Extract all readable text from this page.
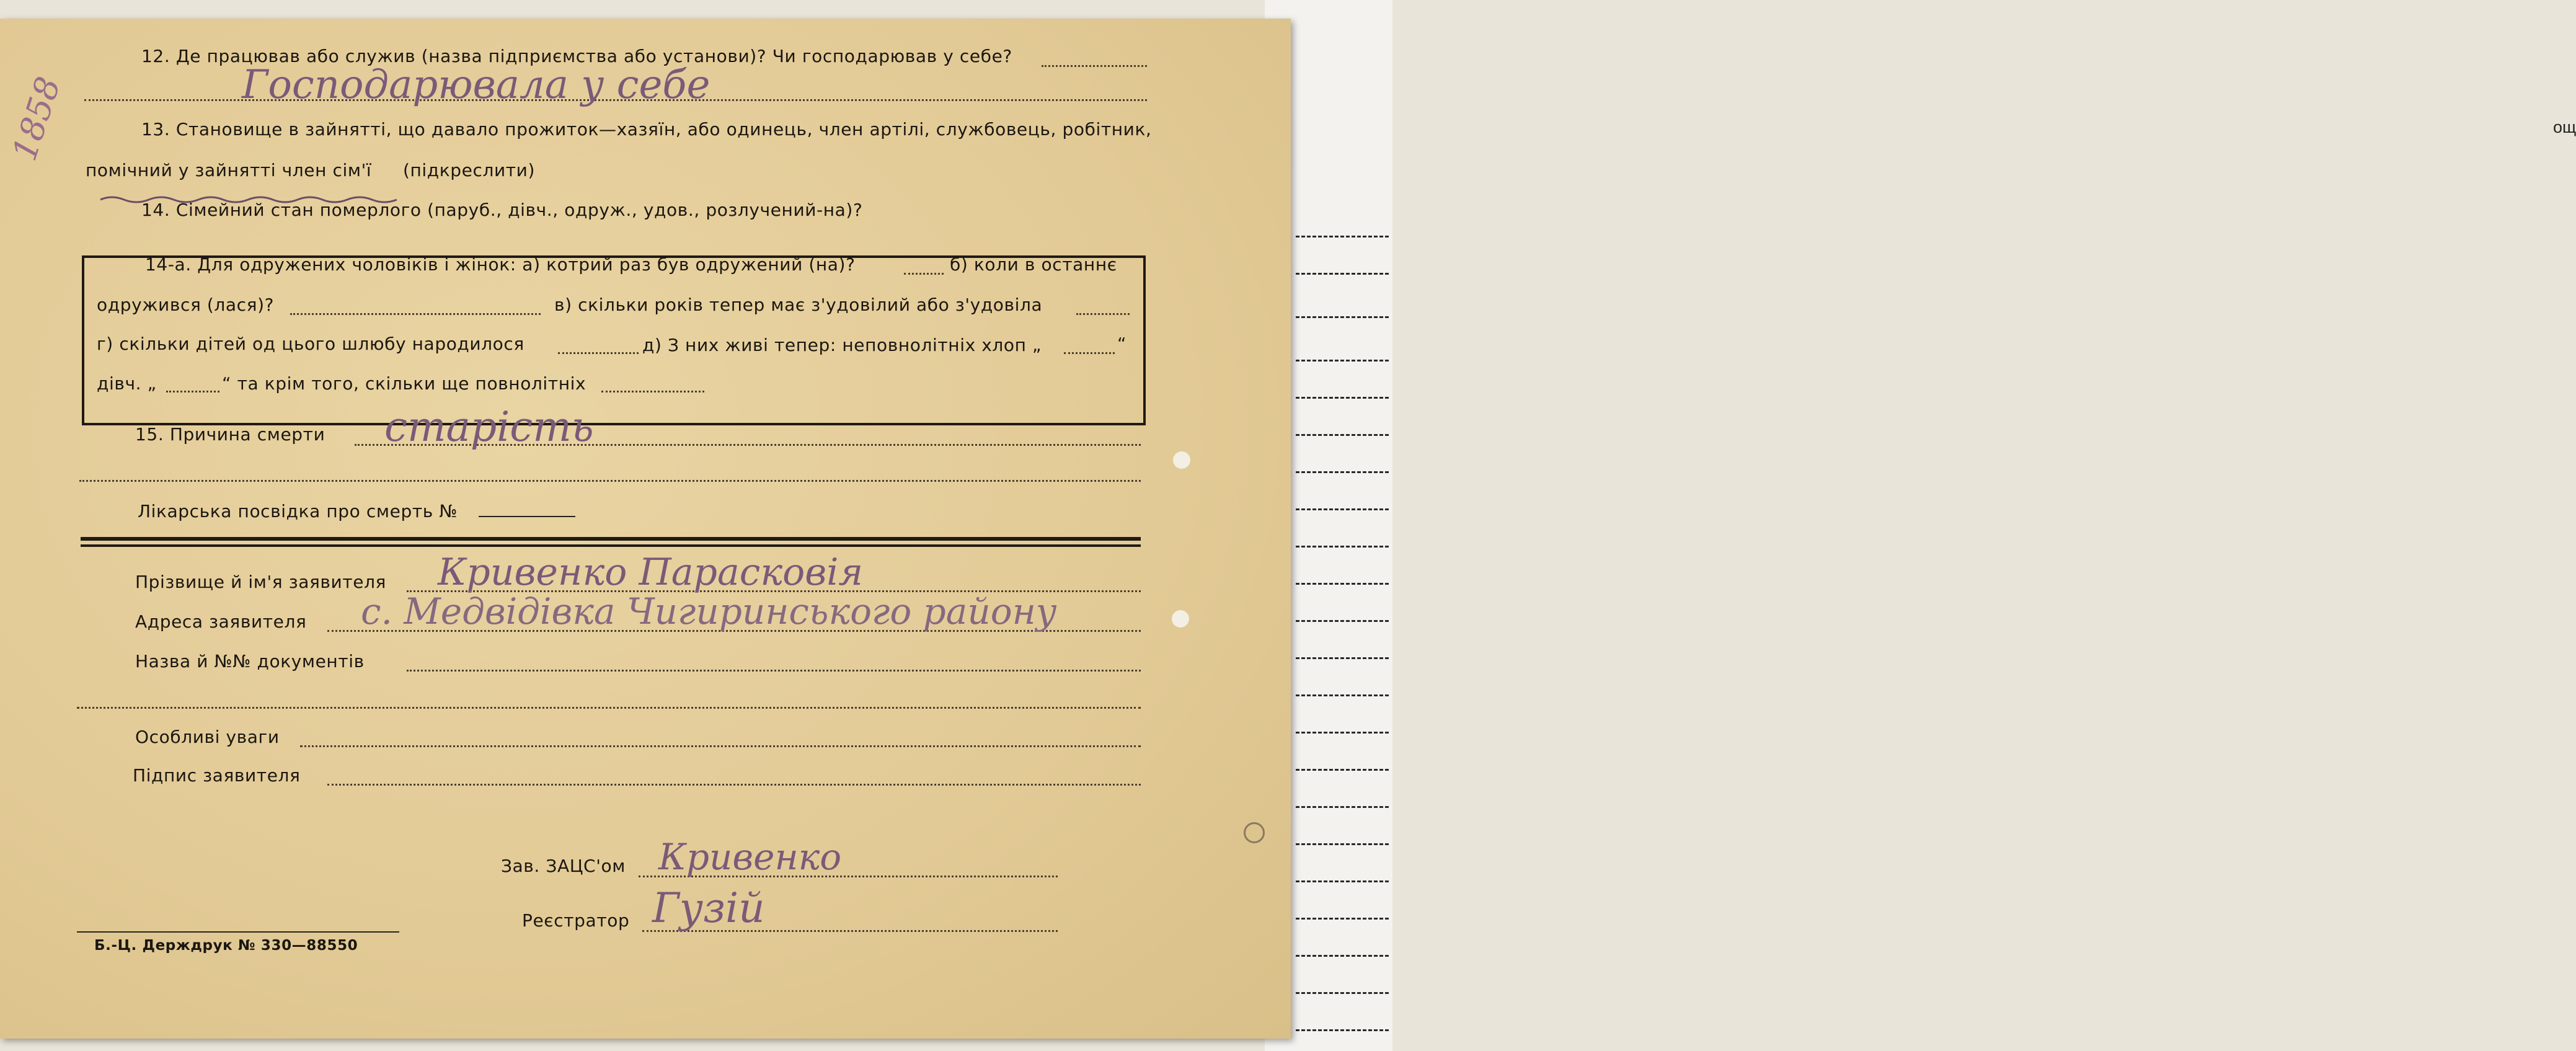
ощ
1858
12. Де працював або служив (назва підприємства або установи)? Чи господарював у себе?
Господарювала у себе
13. Становище в зайнятті, що давало прожиток—хазяїн, або одинець, член артілі, службовець, робітник,
помічний у зайнятті член сім'ї (підкреслити)
14. Сімейний стан померлого (паруб., дівч., одруж., удов., розлучений-на)?
14-а. Для одружених чоловіків і жінок: а) котрий раз був одружений (на)?	б) коли в останнє
одружився (лася)?	в) скільки років тепер має з'удовілий або з'удовіла
г) скільки дітей од цього шлюбу народилося	д) З них живі тепер: неповнолітніх хлоп „	“
дівч. „	“ та крім того, скільки ще повнолітніх
15. Причина смерти старість
Лікарська посвідка про смерть №
Прізвище й ім'я заявителя Кривенко Парасковія
Адреса заявителя с. Медвідівка Чигиринського району
Назва й №№ документів
Особливі уваги
Підпис заявителя
Зав. ЗАЦС'ом Кривенко
Реєстратор Гузій
Б.-Ц. Держдрук № 330—88550
